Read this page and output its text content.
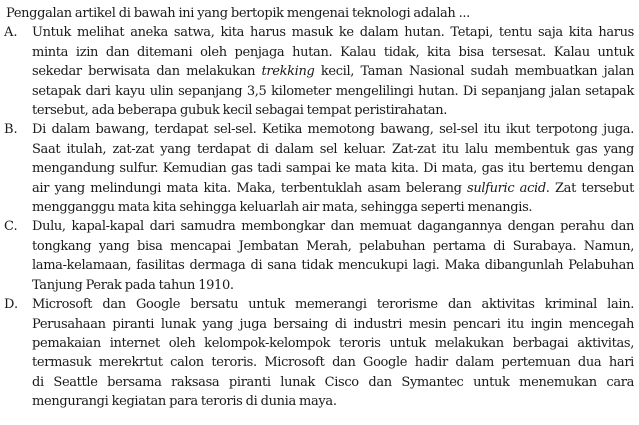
Penggalan artikel di bawah ini yang bertopik mengenai teknologi adalah ...
A. Untuk melihat aneka satwa, kita harus masuk ke dalam hutan. Tetapi, tentu saja kita harus
minta izin dan ditemani oleh penjaga hutan. Kalau tidak, kita bisa tersesat. Kalau untuk
sekedar berwisata dan melakukan trekking kecil, Taman Nasional sudah membuatkan jalan
setapak dari kayu ulin sepanjang 3,5 kilometer mengelilingi hutan. Di sepanjang jalan setapak
tersebut, ada beberapa gubuk kecil sebagai tempat peristirahatan.
B. Di dalam bawang, terdapat sel-sel. Ketika memotong bawang, sel-sel itu ikut terpotong juga.
Saat itulah, zat-zat yang terdapat di dalam sel keluar. Zat-zat itu lalu membentuk gas yang
mengandung sulfur. Kemudian gas tadi sampai ke mata kita. Di mata, gas itu bertemu dengan
air yang melindungi mata kita. Maka, terbentuklah asam belerang sulfuric acid. Zat tersebut
mengganggu mata kita sehingga keluarlah air mata, sehingga seperti menangis.
C. Dulu, kapal-kapal dari samudra membongkar dan memuat dagangannya dengan perahu dan
tongkang yang bisa mencapai Jembatan Merah, pelabuhan pertama di Surabaya. Namun,
lama-kelamaan, fasilitas dermaga di sana tidak mencukupi lagi. Maka dibangunlah Pelabuhan
Tanjung Perak pada tahun 1910.
D. Microsoft dan Google bersatu untuk memerangi terorisme dan aktivitas kriminal lain.
Perusahaan piranti lunak yang juga bersaing di industri mesin pencari itu ingin mencegah
pemakaian internet oleh kelompok-kelompok teroris untuk melakukan berbagai aktivitas,
termasuk merekrtut calon teroris. Microsoft dan Google hadir dalam pertemuan dua hari
di Seattle bersama raksasa piranti lunak Cisco dan Symantec untuk menemukan cara
mengurangi kegiatan para teroris di dunia maya.
